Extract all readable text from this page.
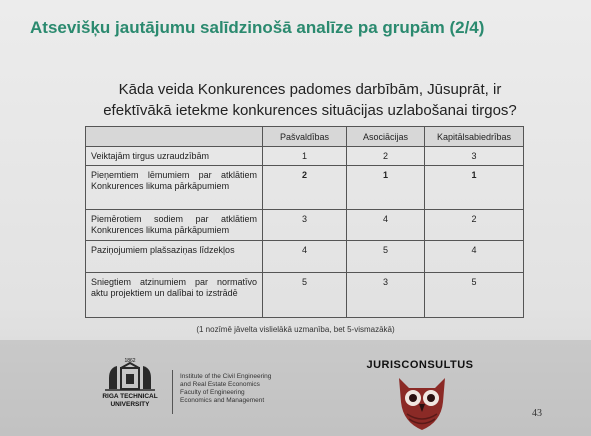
Atsevišķu jautājumu salīdzinošā analīze pa grupām (2/4)
Kāda veida Konkurences padomes darbībām, Jūsuprāt, ir
efektīvākā ietekme konkurences situācijas uzlabošanai tirgos?
	Pašvaldības	Asociācijas	Kapitālsabiedrības
Veiktajām tirgus uzraudzībām	1	2	3
Pieņemtiem lēmumiem par atklātiem Konkurences likuma pārkāpumiem	2	1	1
Piemērotiem sodiem par atklātiem Konkurences likuma pārkāpumiem	3	4	2
Paziņojumiem plašsaziņas līdzekļos	4	5	4
Sniegtiem atzinumiem par normatīvo aktu projektiem un dalībai to izstrādē	5	3	5
(1 nozīmē jāvelta vislielākā uzmanība, bet 5-vismazākā)
1862
RIGA TECHNICAL
UNIVERSITY
Institute of the Civil Engineering
and Real Estate Economics
Faculty of Engineering
Economics and Management
JURISCONSULTUS
43
